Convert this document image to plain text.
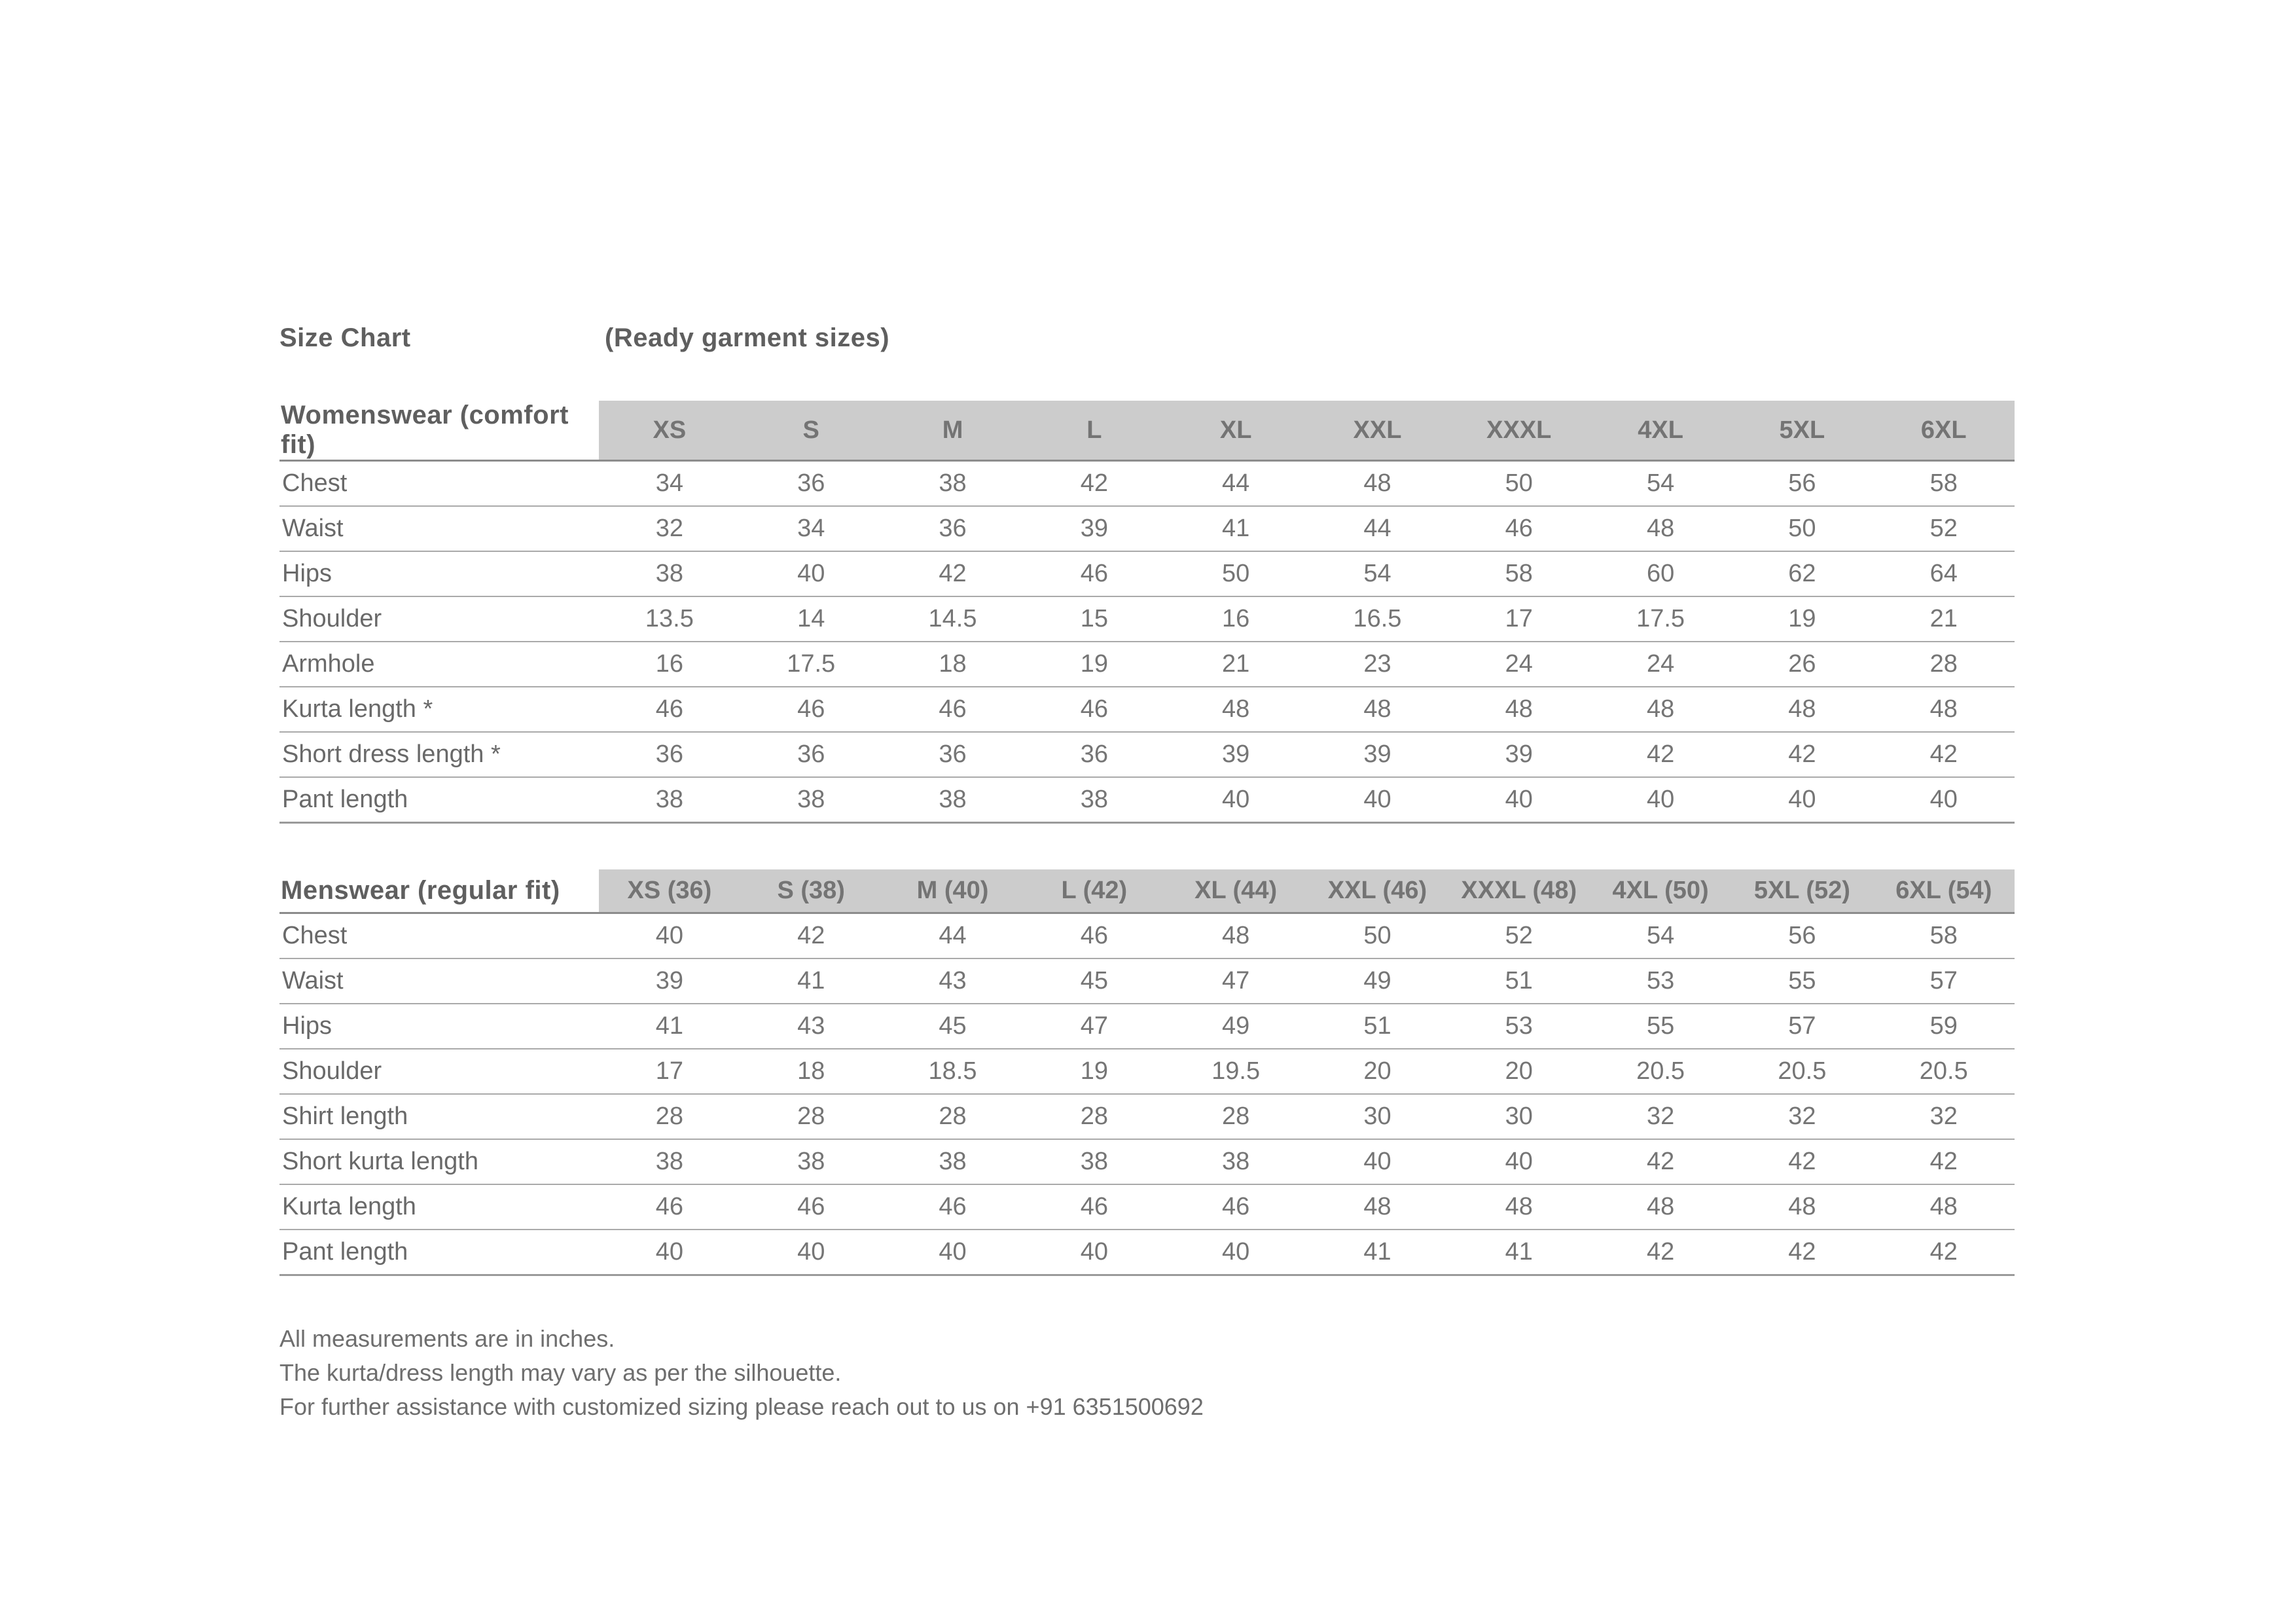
Size Chart	(Ready garment sizes)
Womenswear (comfort fit)	XS	S	M	L	XL	XXL	XXXL	4XL	5XL	6XL
Chest	34	36	38	42	44	48	50	54	56	58
Waist	32	34	36	39	41	44	46	48	50	52
Hips	38	40	42	46	50	54	58	60	62	64
Shoulder	13.5	14	14.5	15	16	16.5	17	17.5	19	21
Armhole	16	17.5	18	19	21	23	24	24	26	28
Kurta length *	46	46	46	46	48	48	48	48	48	48
Short dress length *	36	36	36	36	39	39	39	42	42	42
Pant length	38	38	38	38	40	40	40	40	40	40
Menswear (regular fit)	XS (36)	S (38)	M (40)	L (42)	XL (44)	XXL (46)	XXXL (48)	4XL (50)	5XL (52)	6XL (54)
Chest	40	42	44	46	48	50	52	54	56	58
Waist	39	41	43	45	47	49	51	53	55	57
Hips	41	43	45	47	49	51	53	55	57	59
Shoulder	17	18	18.5	19	19.5	20	20	20.5	20.5	20.5
Shirt length	28	28	28	28	28	30	30	32	32	32
Short kurta length	38	38	38	38	38	40	40	42	42	42
Kurta length	46	46	46	46	46	48	48	48	48	48
Pant length	40	40	40	40	40	41	41	42	42	42

All measurements are in inches.

The kurta/dress length may vary as per the silhouette.

For further assistance with customized sizing please reach out to us on +91 6351500692
